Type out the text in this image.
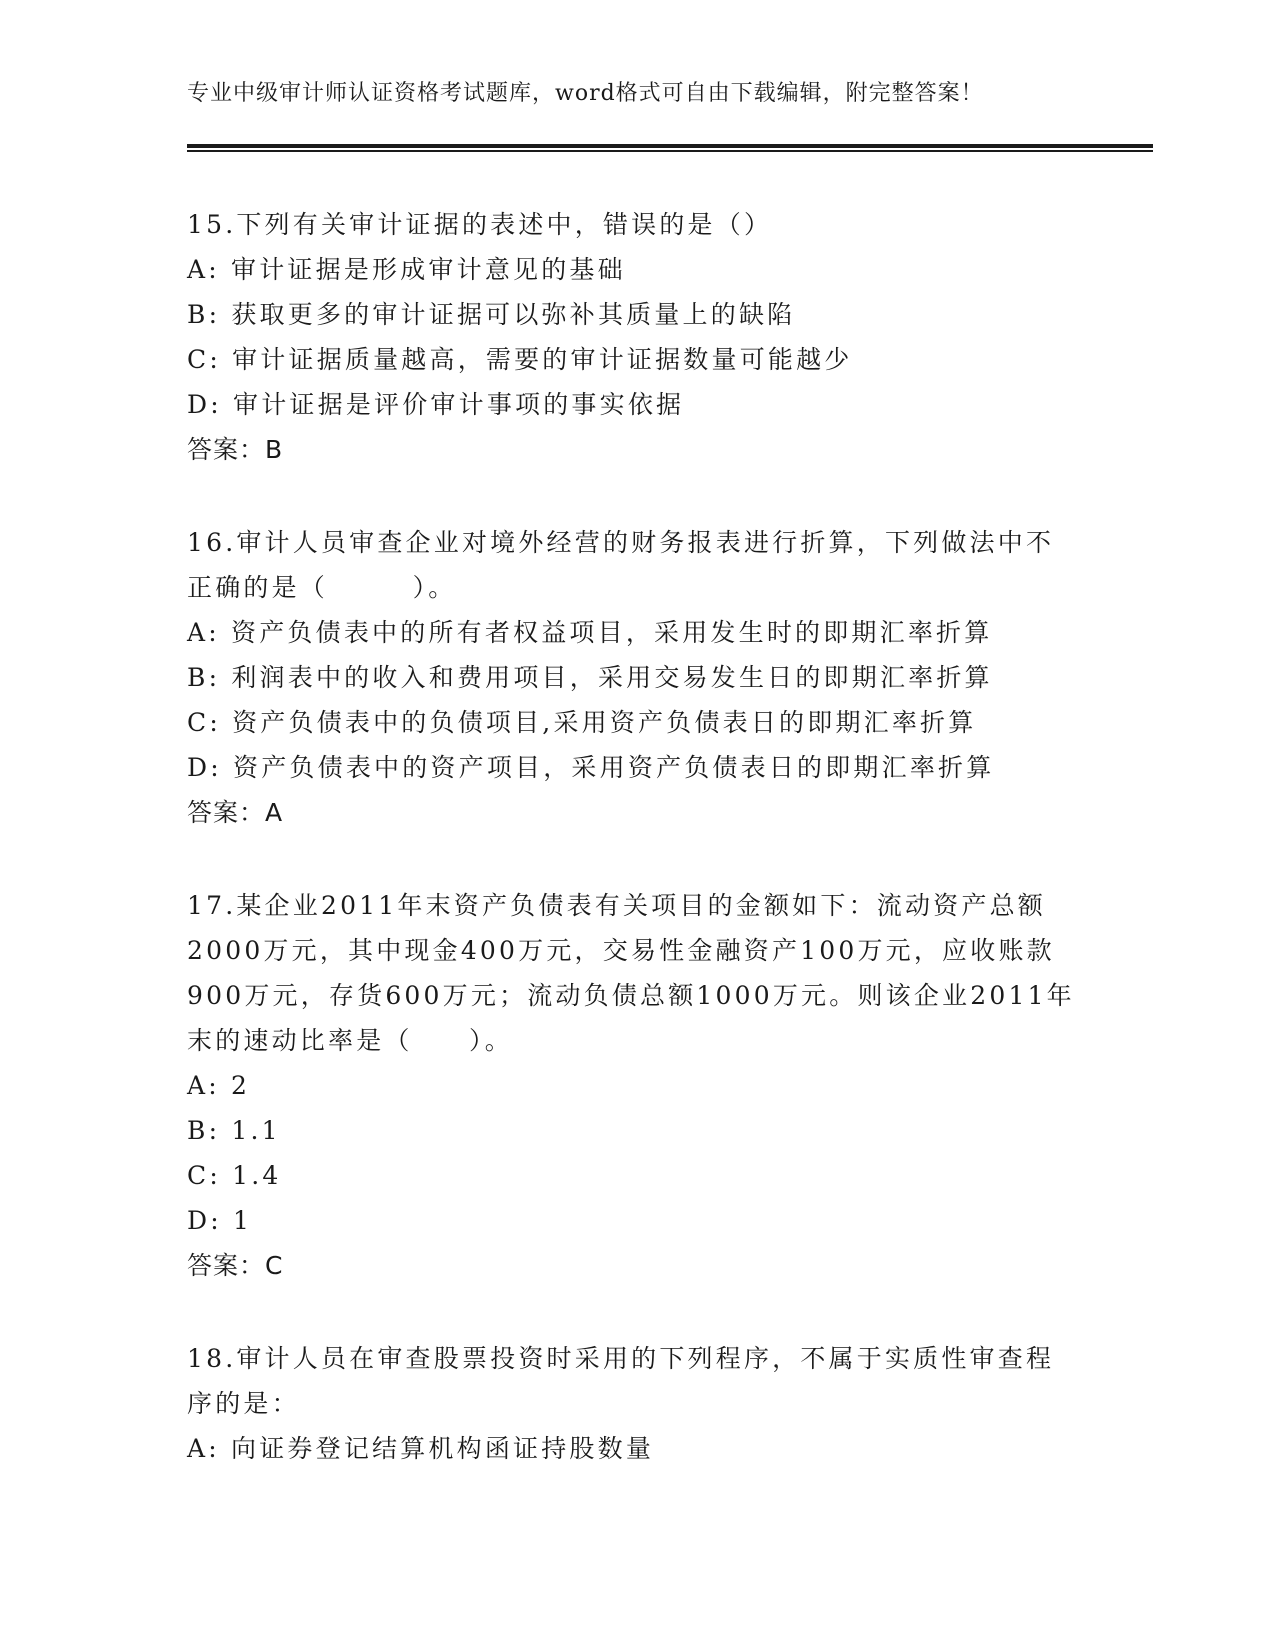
专业中级审计师认证资格考试题库，word格式可自由下载编辑，附完整答案！
15.下列有关审计证据的表述中，错误的是（）
A: 审计证据是形成审计意见的基础
B: 获取更多的审计证据可以弥补其质量上的缺陷
C: 审计证据质量越高，需要的审计证据数量可能越少
D: 审计证据是评价审计事项的事实依据
答案：B
16.审计人员审查企业对境外经营的财务报表进行折算，下列做法中不
正确的是（　　　）。
A: 资产负债表中的所有者权益项目，采用发生时的即期汇率折算
B: 利润表中的收入和费用项目，采用交易发生日的即期汇率折算
C: 资产负债表中的负债项目,采用资产负债表日的即期汇率折算
D: 资产负债表中的资产项目，采用资产负债表日的即期汇率折算
答案：A
17.某企业2011年末资产负债表有关项目的金额如下：流动资产总额
2000万元，其中现金400万元，交易性金融资产100万元，应收账款
900万元，存货600万元；流动负债总额1000万元。则该企业2011年
末的速动比率是（　　）。
A: 2
B: 1.1
C: 1.4
D: 1
答案：C
18.审计人员在审查股票投资时采用的下列程序，不属于实质性审查程
序的是：
A: 向证券登记结算机构函证持股数量
